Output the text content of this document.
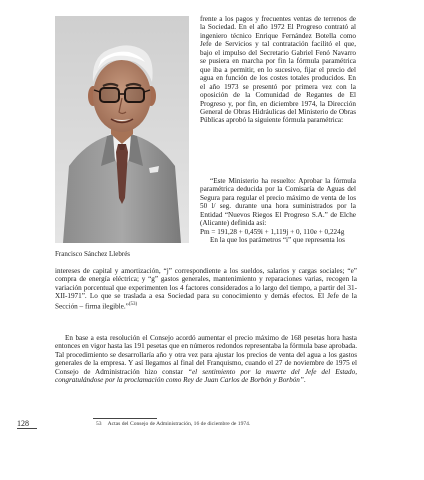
Francisco Sánchez Llebrés

frente a los pagos y frecuentes ventas de terrenos de la Sociedad. En el año 1972 El Progreso contrató al ingeniero técnico Enrique Fernández Botella como Jefe de Servicios y tal contratación facilitó el que, bajo el impulso del Secretario Gabriel Fenó Navarro se pusiera en marcha por fin la fórmula paramétrica que iba a permitir, en lo sucesivo, fijar el precio del agua en función de los costes totales producidos. En el año 1973 se presentó por primera vez con la oposición de la Comunidad de Regantes de El Progreso y, por fin, en diciembre 1974, la Dirección General de Obras Hidráulicas del Ministerio de Obras Públicas aprobó la siguiente fórmula paramétrica:

“Este Ministerio ha resuelto: Aprobar la fórmula paramétrica deducida por la Comisaría de Aguas del Segura para regular el precio máximo de venta de los 50 l/ seg. durante una hora suministrados por la Entidad “Nuevos Riegos El Progreso S.A.” de Elche (Alicante) definida así:

Pm = 191,28 + 0,459i + 1,119j + 0, 110e + 0,224g

En la que los parámetros “i” que representa los

intereses de capital y amortización, “j” correspondiente a los sueldos, salarios y cargas sociales; “e” compra de energía eléctrica; y “g” gastos generales, mantenimiento y reparaciones varias, recogen la variación porcentual que experimenten los 4 factores considerados a lo largo del tiempo, a partir del 31-XII-1971”. Lo que se traslada a esa Sociedad para su conocimiento y demás efectos. El Jefe de la Sección – firma ilegible.”$^{(53)}$

En base a esta resolución el Consejo acordó aumentar el precio máximo de 168 pesetas hora hasta entonces en vigor hasta las 191 pesetas que en números redondos representaba la fórmula base aprobada. Tal procedimiento se desarrollaría año y otra vez para ajustar los precios de venta del agua a los gastos generales de la empresa. Y así llegamos al final del Franquismo, cuando el 27 de noviembre de 1975 el Consejo de Administración hizo constar “el sentimiento por la muerte del Jefe del Estado, congratulándose por la proclamación como Rey de Juan Carlos de Borbón y Borbón”.

128	53 Actas del Consejo de Administración, 16 de diciembre de 1974.
